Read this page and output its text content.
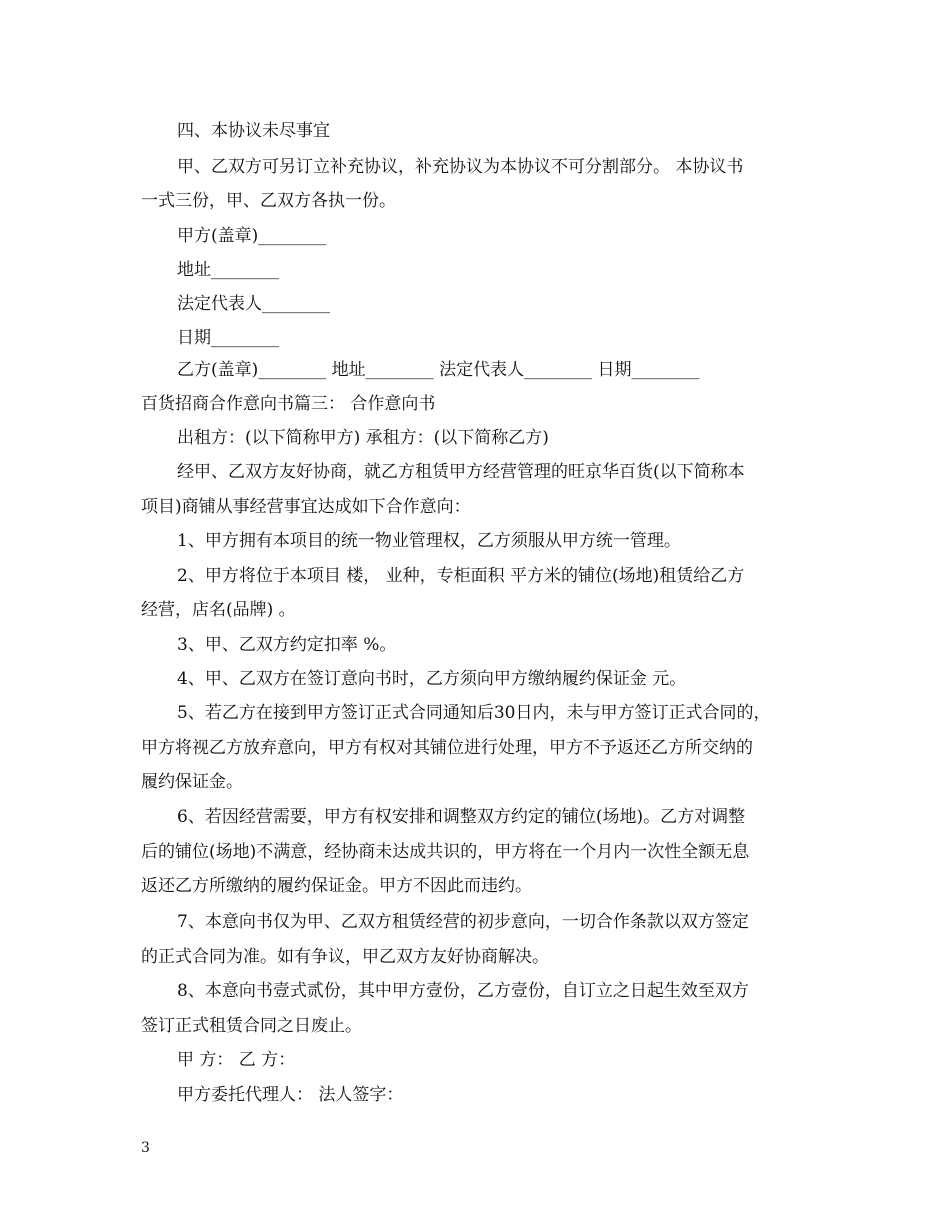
四、本协议未尽事宜
甲、乙双方可另订立补充协议，补充协议为本协议不可分割部分。 本协议书
一式三份，甲、乙双方各执一份。
甲方(盖章)________
地址________
法定代表人________
日期________
乙方(盖章)________ 地址________ 法定代表人________ 日期________
百货招商合作意向书篇三： 合作意向书
出租方：(以下简称甲方) 承租方：(以下简称乙方)
经甲、乙双方友好协商，就乙方租赁甲方经营管理的旺京华百货(以下简称本
项目)商铺从事经营事宜达成如下合作意向：
1、甲方拥有本项目的统一物业管理权，乙方须服从甲方统一管理。
2、甲方将位于本项目 楼， 业种，专柜面积 平方米的铺位(场地)租赁给乙方
经营，店名(品牌) 。
3、甲、乙双方约定扣率 %。
4、甲、乙双方在签订意向书时，乙方须向甲方缴纳履约保证金 元。
5、若乙方在接到甲方签订正式合同通知后30日内，未与甲方签订正式合同的，
甲方将视乙方放弃意向，甲方有权对其铺位进行处理，甲方不予返还乙方所交纳的
履约保证金。
6、若因经营需要，甲方有权安排和调整双方约定的铺位(场地)。乙方对调整
后的铺位(场地)不满意，经协商未达成共识的，甲方将在一个月内一次性全额无息
返还乙方所缴纳的履约保证金。甲方不因此而违约。
7、本意向书仅为甲、乙双方租赁经营的初步意向，一切合作条款以双方签定
的正式合同为准。如有争议，甲乙双方友好协商解决。
8、本意向书壹式贰份，其中甲方壹份，乙方壹份，自订立之日起生效至双方
签订正式租赁合同之日废止。
甲 方： 乙 方：
甲方委托代理人： 法人签字：
3
